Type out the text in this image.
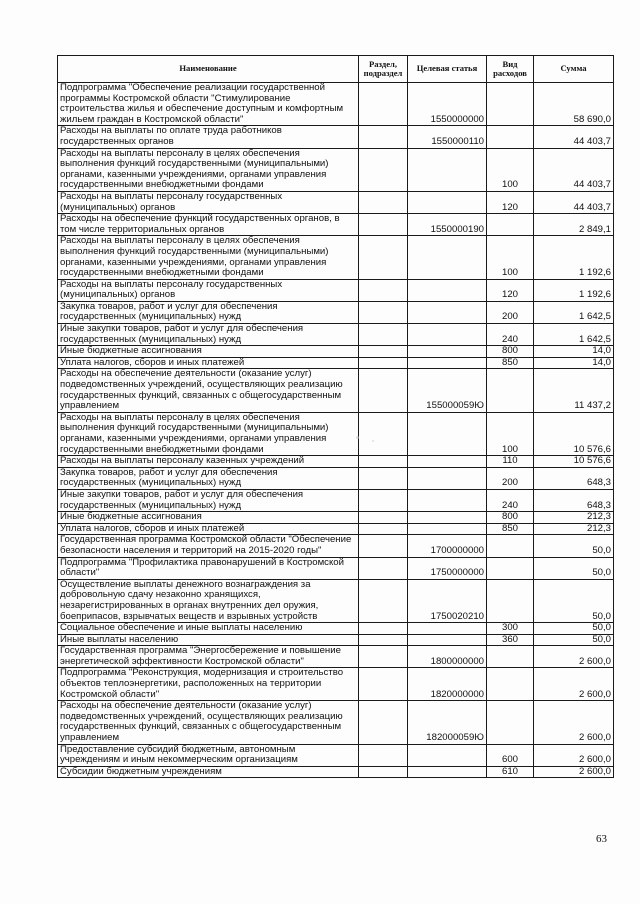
Наименование	Раздел, подраздел	Целевая статья	Вид расходов	Сумма
Подпрограмма "Обеспечение реализации государственной программы Костромской области "Стимулирование строительства жилья и обеспечение доступным и комфортным жильем граждан в Костромской области"		1550000000		58 690,0
Расходы на выплаты по оплате труда работников государственных органов		1550000110		44 403,7
Расходы на выплаты персоналу в целях обеспечения выполнения функций государственными (муниципальными) органами, казенными учреждениями, органами управления государственными внебюджетными фондами			100	44 403,7
Расходы на выплаты персоналу государственных (муниципальных) органов			120	44 403,7
Расходы на обеспечение функций государственных органов, в том числе территориальных органов		1550000190		2 849,1
Расходы на выплаты персоналу в целях обеспечения выполнения функций государственными (муниципальными) органами, казенными учреждениями, органами управления государственными внебюджетными фондами			100	1 192,6
Расходы на выплаты персоналу государственных (муниципальных) органов			120	1 192,6
Закупка товаров, работ и услуг для обеспечения государственных (муниципальных) нужд			200	1 642,5
Иные закупки товаров, работ и услуг для обеспечения государственных (муниципальных) нужд			240	1 642,5
Иные бюджетные ассигнования			800	14,0
Уплата налогов, сборов и иных платежей			850	14,0
Расходы на обеспечение деятельности (оказание услуг) подведомственных учреждений, осуществляющих реализацию государственных функций, связанных с общегосударственным управлением		155000059Ю		11 437,2
Расходы на выплаты персоналу в целях обеспечения выполнения функций государственными (муниципальными) органами, казенными учреждениями, органами управления государственными внебюджетными фондами			100	10 576,6
Расходы на выплаты персоналу казенных учреждений			110	10 576,6
Закупка товаров, работ и услуг для обеспечения государственных (муниципальных) нужд			200	648,3
Иные закупки товаров, работ и услуг для обеспечения государственных (муниципальных) нужд			240	648,3
Иные бюджетные ассигнования			800	212,3
Уплата налогов, сборов и иных платежей			850	212,3
Государственная программа Костромской области "Обеспечение безопасности населения и территорий на 2015-2020 годы"		1700000000		50,0
Подпрограмма "Профилактика правонарушений в Костромской области"		1750000000		50,0
Осуществление выплаты денежного вознаграждения за добровольную сдачу незаконно хранящихся, незарегистрированных в органах внутренних дел оружия, боеприпасов, взрывчатых веществ и взрывных устройств		1750020210		50,0
Социальное обеспечение и иные выплаты населению			300	50,0
Иные выплаты населению			360	50,0
Государственная программа "Энергосбережение и повышение энергетической эффективности Костромской области"		1800000000		2 600,0
Подпрограмма "Реконструкция, модернизация и строительство объектов теплоэнергетики, расположенных на территории Костромской области"		1820000000		2 600,0
Расходы на обеспечение деятельности (оказание услуг) подведомственных учреждений, осуществляющих реализацию государственных функций, связанных с общегосударственным управлением		182000059Ю		2 600,0
Предоставление субсидий бюджетным, автономным учреждениям и иным некоммерческим организациям			600	2 600,0
Субсидии бюджетным учреждениям			610	2 600,0
63
